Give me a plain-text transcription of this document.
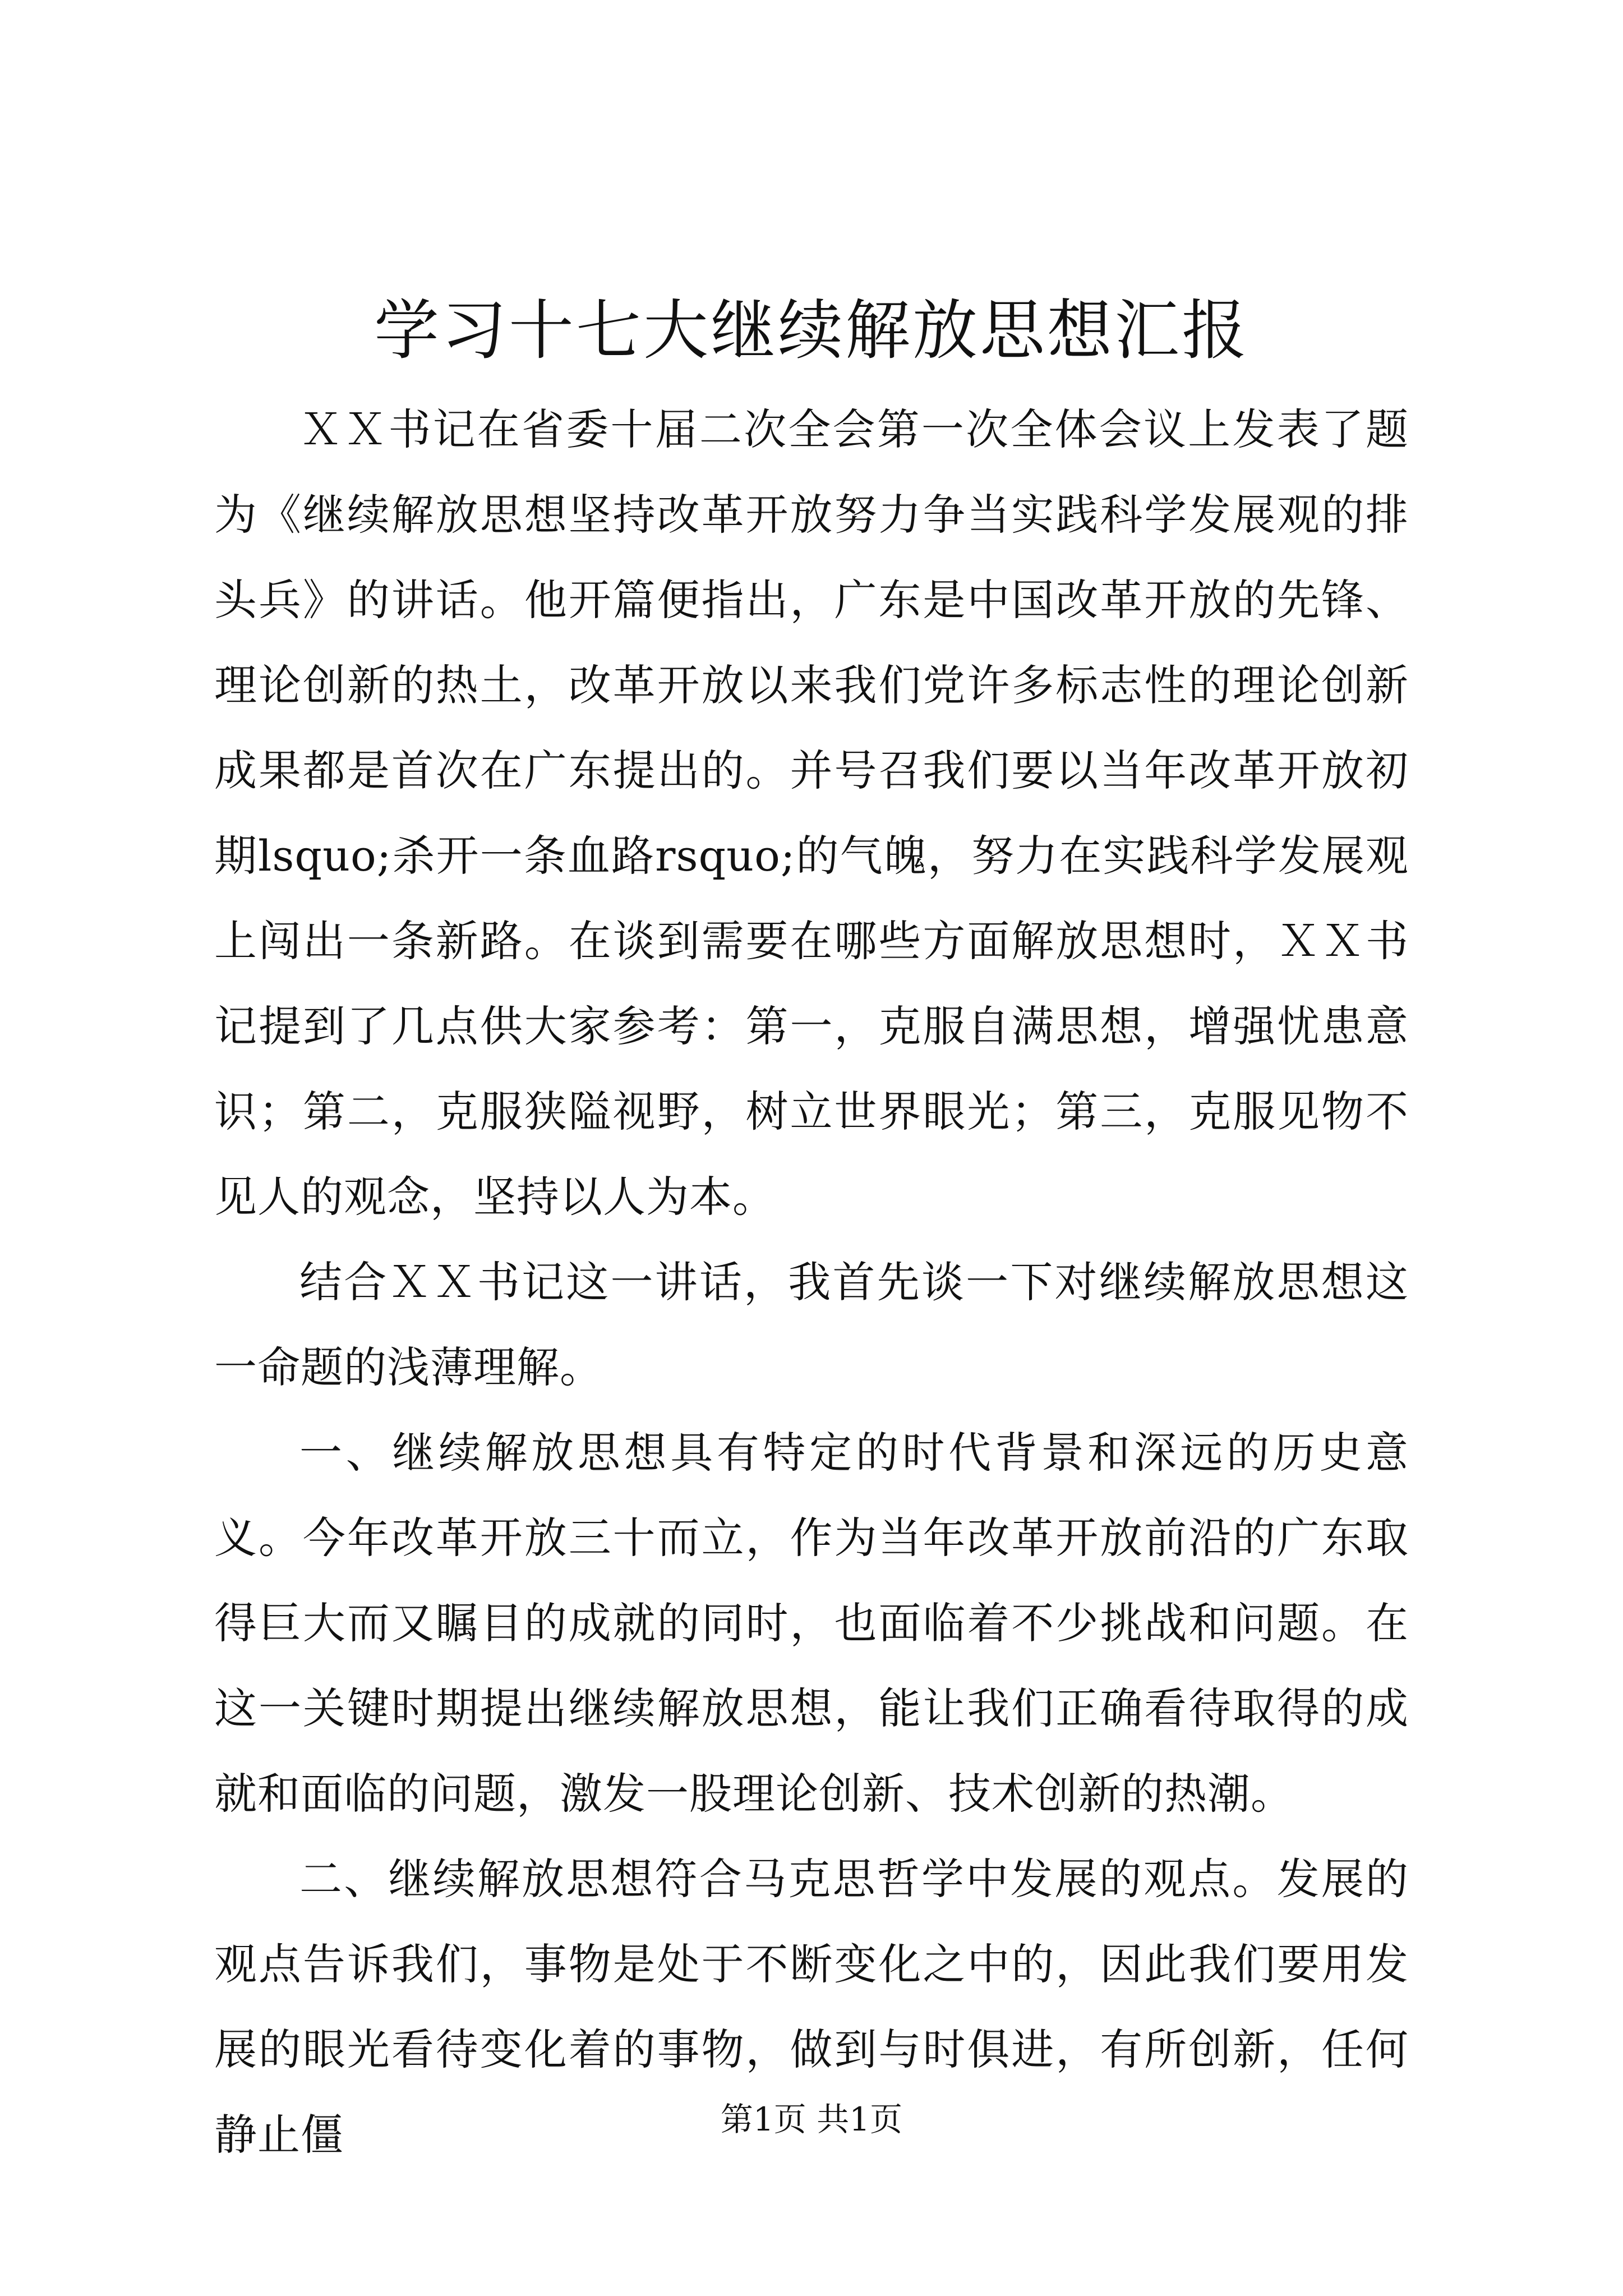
学习十七大继续解放思想汇报

ＸＸ书记在省委十届二次全会第一次全体会议上发表了题为《继续解放思想坚持改革开放努力争当实践科学发展观的排头兵》的讲话。他开篇便指出，广东是中国改革开放的先锋、理论创新的热土，改革开放以来我们党许多标志性的理论创新成果都是首次在广东提出的。并号召我们要以当年改革开放初期lsquo;杀开一条血路rsquo;的气魄，努力在实践科学发展观上闯出一条新路。在谈到需要在哪些方面解放思想时，ＸＸ书记提到了几点供大家参考：第一，克服自满思想，增强忧患意识；第二，克服狭隘视野，树立世界眼光；第三，克服见物不见人的观念，坚持以人为本。

结合ＸＸ书记这一讲话，我首先谈一下对继续解放思想这一命题的浅薄理解。

一、继续解放思想具有特定的时代背景和深远的历史意义。今年改革开放三十而立，作为当年改革开放前沿的广东取得巨大而又瞩目的成就的同时，也面临着不少挑战和问题。在这一关键时期提出继续解放思想，能让我们正确看待取得的成就和面临的问题，激发一股理论创新、技术创新的热潮。

二、继续解放思想符合马克思哲学中发展的观点。发展的观点告诉我们，事物是处于不断变化之中的，因此我们要用发展的眼光看待变化着的事物，做到与时俱进，有所创新，任何静止僵	第1页 共1页
